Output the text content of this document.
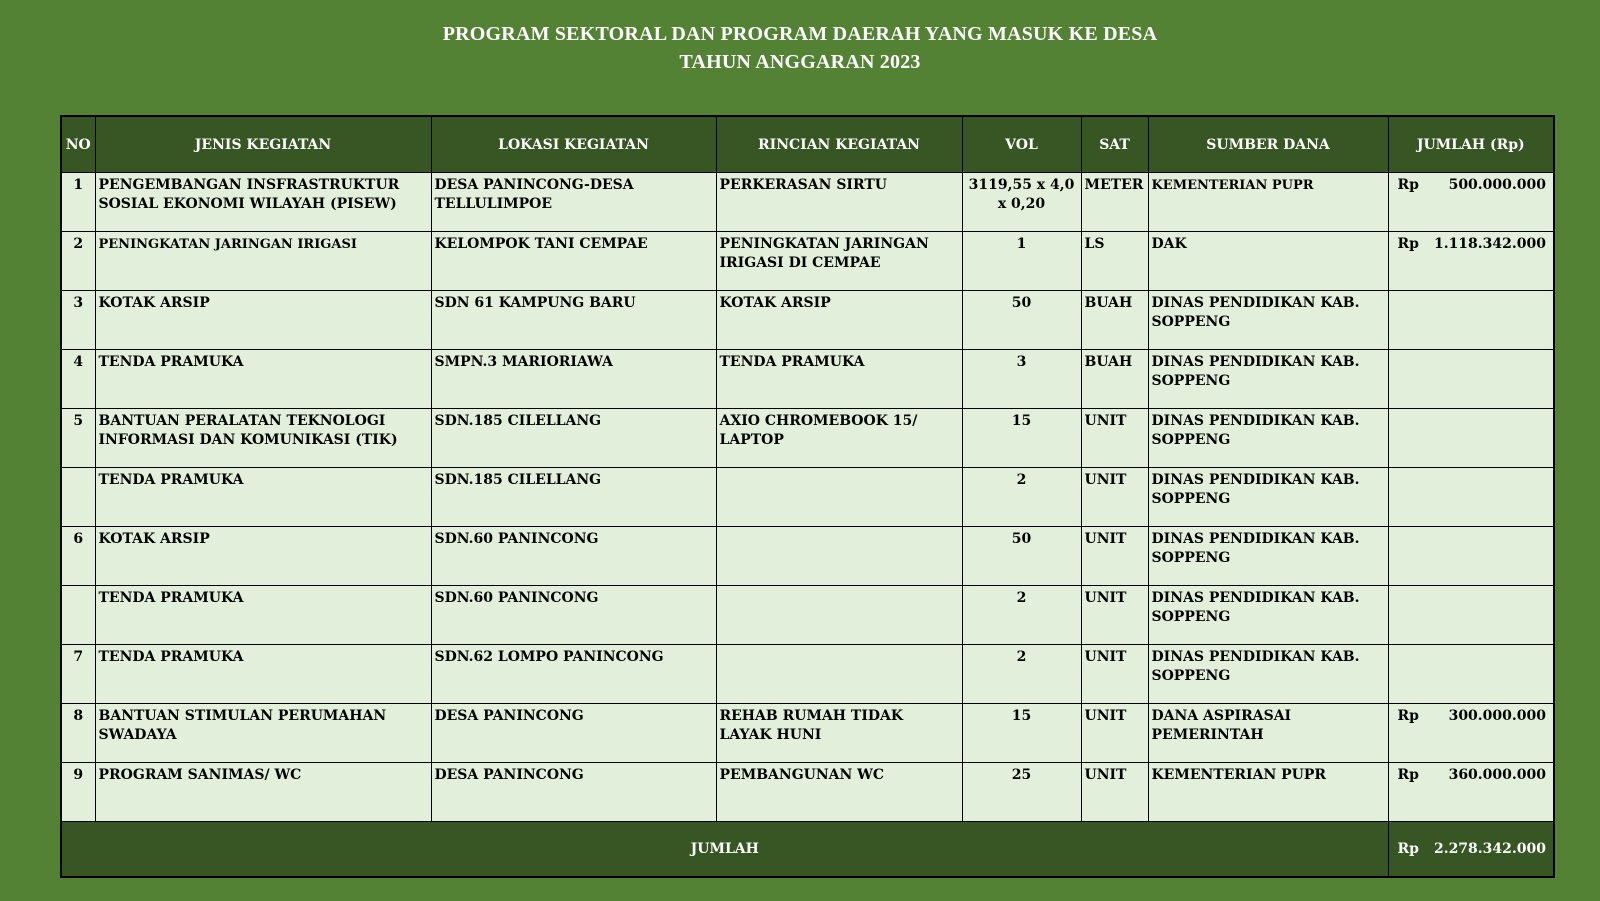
PROGRAM SEKTORAL DAN PROGRAM DAERAH YANG MASUK KE DESA
TAHUN ANGGARAN 2023
NO	JENIS KEGIATAN	LOKASI KEGIATAN	RINCIAN KEGIATAN	VOL	SAT	SUMBER DANA	JUMLAH (Rp)
1	PENGEMBANGAN INSFRASTRUKTUR SOSIAL EKONOMI WILAYAH (PISEW)	DESA PANINCONG-DESA TELLULIMPOE	PERKERASAN SIRTU	3119,55 x 4,0 x 0,20	METER	KEMENTERIAN PUPR	Rp 500.000.000

2	PENINGKATAN JARINGAN IRIGASI	KELOMPOK TANI CEMPAE	PENINGKATAN JARINGAN IRIGASI DI CEMPAE	1	LS	DAK	Rp 1.118.342.000

3	KOTAK ARSIP	SDN 61 KAMPUNG BARU	KOTAK ARSIP	50	BUAH	DINAS PENDIDIKAN KAB. SOPPENG	

4	TENDA PRAMUKA	SMPN.3 MARIORIAWA	TENDA PRAMUKA	3	BUAH	DINAS PENDIDIKAN KAB. SOPPENG	

5	BANTUAN PERALATAN TEKNOLOGI INFORMASI DAN KOMUNIKASI (TIK)	SDN.185 CILELLANG	AXIO CHROMEBOOK 15/ LAPTOP	15	UNIT	DINAS PENDIDIKAN KAB. SOPPENG	

	TENDA PRAMUKA	SDN.185 CILELLANG		2	UNIT	DINAS PENDIDIKAN KAB. SOPPENG	

6	KOTAK ARSIP	SDN.60 PANINCONG		50	UNIT	DINAS PENDIDIKAN KAB. SOPPENG	

	TENDA PRAMUKA	SDN.60 PANINCONG		2	UNIT	DINAS PENDIDIKAN KAB. SOPPENG	

7	TENDA PRAMUKA	SDN.62 LOMPO PANINCONG		2	UNIT	DINAS PENDIDIKAN KAB. SOPPENG	

8	BANTUAN STIMULAN PERUMAHAN SWADAYA	DESA PANINCONG	REHAB RUMAH TIDAK LAYAK HUNI	15	UNIT	DANA ASPIRASAI PEMERINTAH	Rp 300.000.000

9	PROGRAM SANIMAS/ WC	DESA PANINCONG	PEMBANGUNAN WC	25	UNIT	KEMENTERIAN PUPR	Rp 360.000.000

JUMLAH							Rp 2.278.342.000
